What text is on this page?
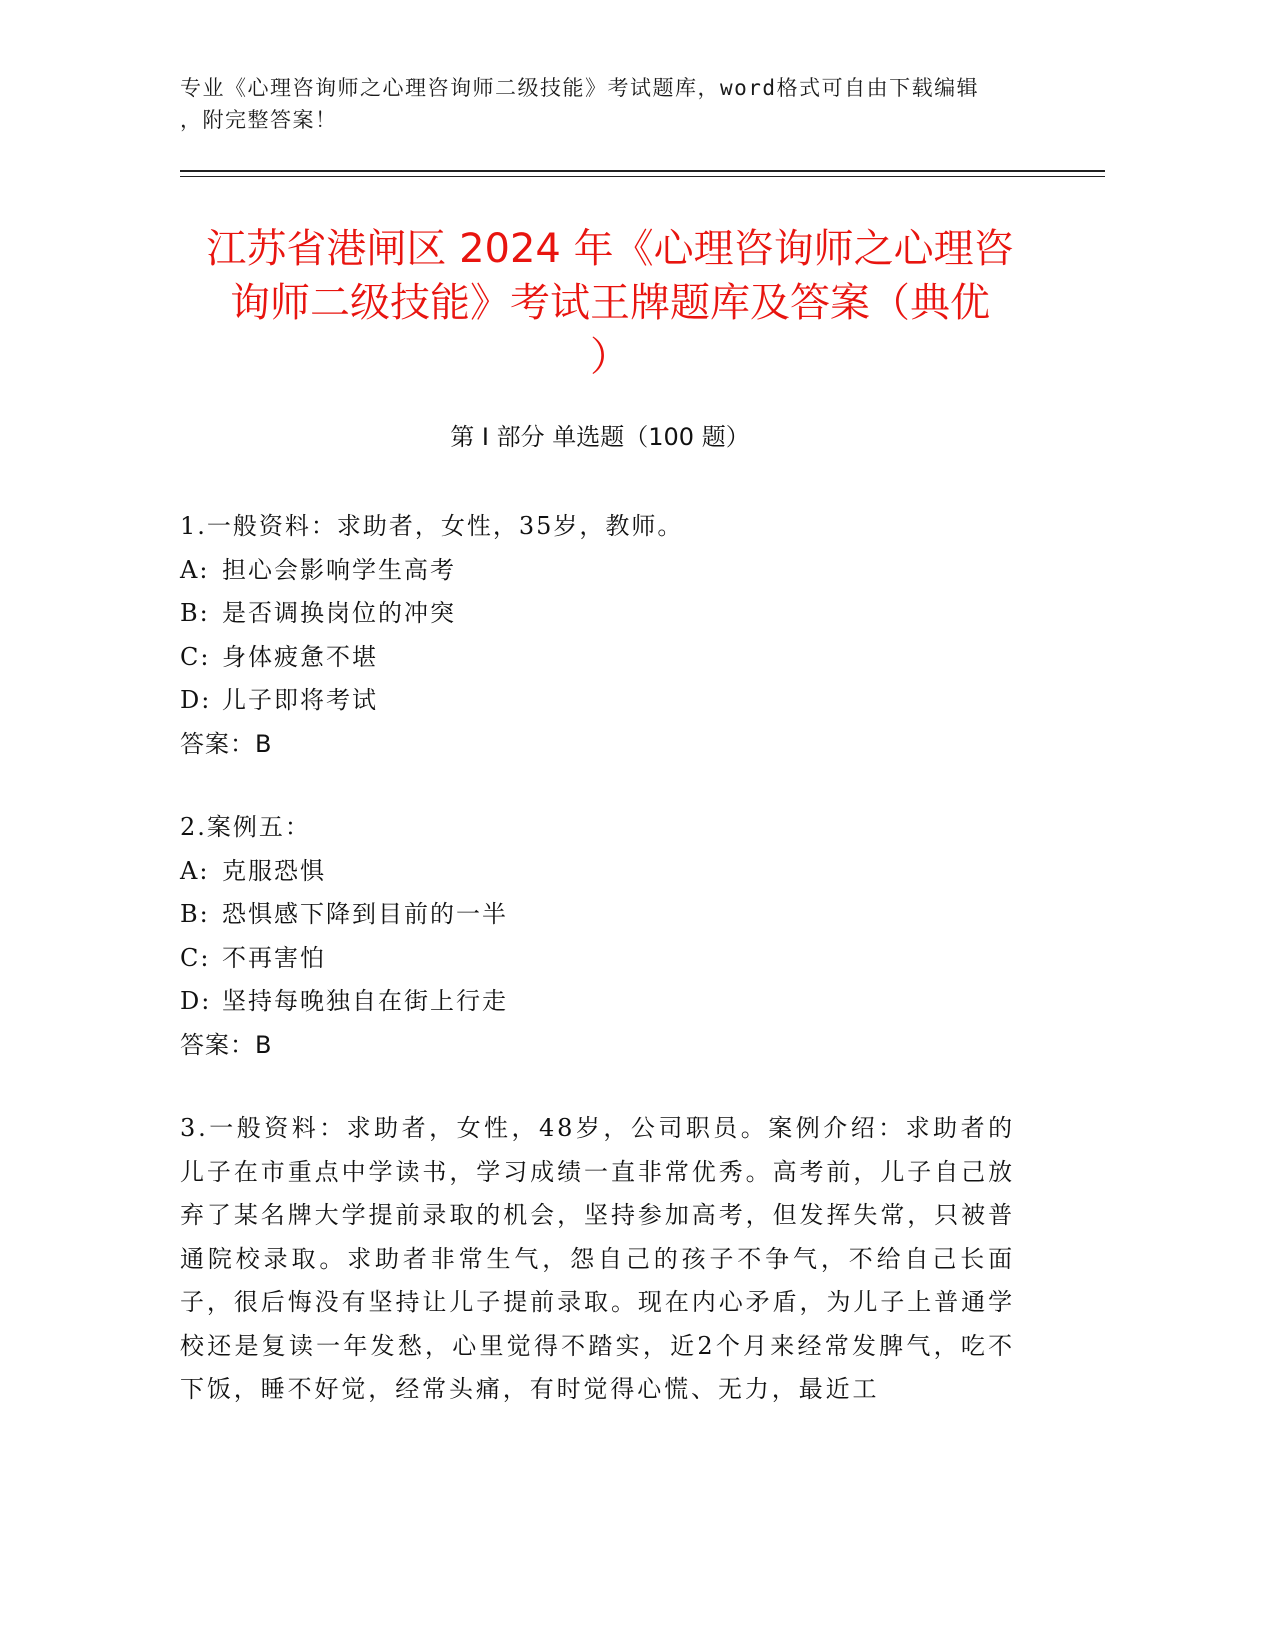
专业《心理咨询师之心理咨询师二级技能》考试题库，word格式可自由下载编辑
，附完整答案！
江苏省港闸区 2024 年《心理咨询师之心理咨
询师二级技能》考试王牌题库及答案（典优
）
第 I 部分 单选题（100 题）
1.一般资料：求助者，女性，35岁，教师。
A: 担心会影响学生高考
B: 是否调换岗位的冲突
C: 身体疲惫不堪
D: 儿子即将考试
答案：B
2.案例五：
A: 克服恐惧
B: 恐惧感下降到目前的一半
C: 不再害怕
D: 坚持每晚独自在街上行走
答案：B
3.一般资料：求助者，女性，48岁，公司职员。案例介绍：求助者的儿子在市重点中学读书，学习成绩一直非常优秀。高考前，儿子自己放弃了某名牌大学提前录取的机会，坚持参加高考，但发挥失常，只被普通院校录取。求助者非常生气，怨自己的孩子不争气，不给自己长面子，很后悔没有坚持让儿子提前录取。现在内心矛盾，为儿子上普通学校还是复读一年发愁，心里觉得不踏实，近2个月来经常发脾气，吃不下饭，睡不好觉，经常头痛，有时觉得心慌、无力，最近工
